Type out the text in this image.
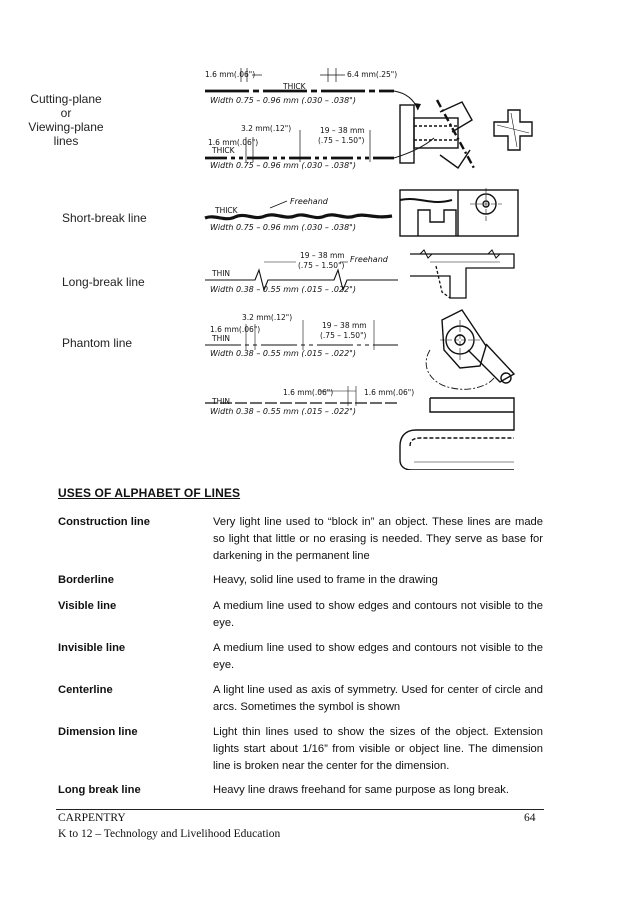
Cutting-plane
or
Viewing-plane
lines
Short-break line
Long-break line
Phantom line
1.6 mm(.06")	6.4 mm(.25")
THICK
Width 0.75 – 0.96 mm (.030 – .038")
3.2 mm(.12")
1.6 mm(.06")
19 – 38 mm
(.75 – 1.50")
THICK
Width 0.75 – 0.96 mm (.030 – .038")
Freehand
THICK
Width 0.75 – 0.96 mm (.030 – .038")
19 – 38 mm
(.75 – 1.50")
Freehand
THIN
Width 0.38 – 0.55 mm (.015 – .022")
3.2 mm(.12")
1.6 mm(.06")	19 – 38 mm
(.75 – 1.50")
THIN
Width 0.38 – 0.55 mm (.015 – .022")
1.6 mm(.06")	1.6 mm(.06")
THIN
Width 0.38 – 0.55 mm (.015 – .022")
USES OF ALPHABET OF LINES
Construction line	Very light line used to “block in” an object. These lines are made so light that little or no erasing is needed. They serve as base for darkening in the permanent line
Borderline	Heavy, solid line used to frame in the drawing
Visible line	A medium line used to show edges and contours not visible to the eye.
Invisible line	A medium line used to show edges and contours not visible to the eye.
Centerline	A light line used as axis of symmetry. Used for center of circle and arcs. Sometimes the symbol is shown
Dimension line	Light thin lines used to show the sizes of the object. Extension lights start about 1/16” from visible or object line. The dimension line is broken near the center for the dimension.
Long break line	Heavy line draws freehand for same purpose as long break.
CARPENTRY	64
K to 12 – Technology and Livelihood Education
